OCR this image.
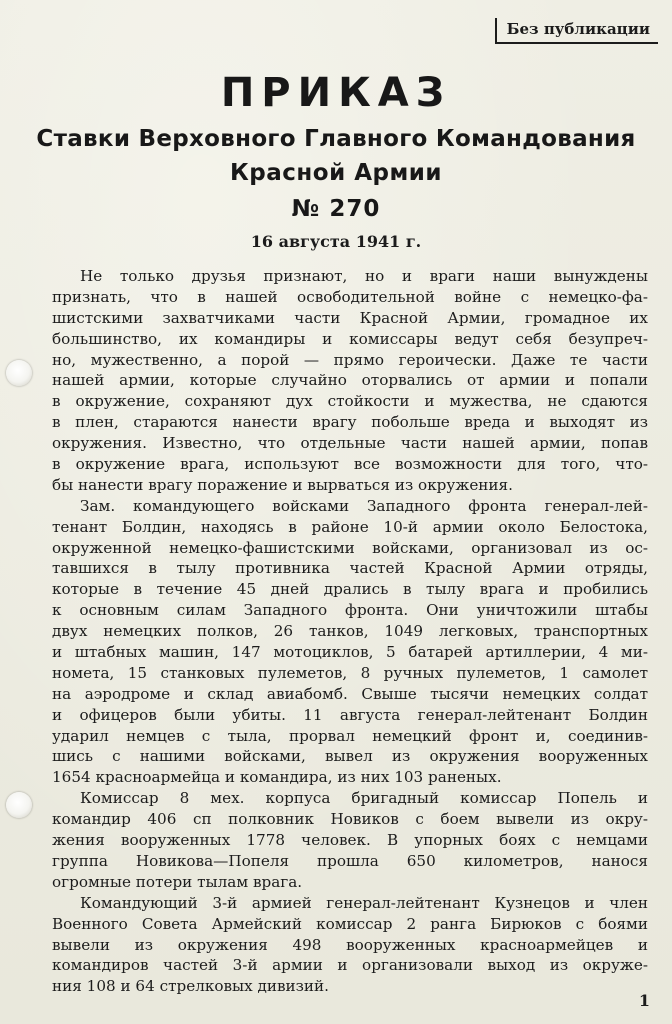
Без публикации
ПРИКАЗ
Ставки Верховного Главного Командования
Красной Армии
№ 270
16 августа 1941 г.
Не только друзья признают, но и враги наши вынуждены
признать, что в нашей освободительной войне с немецко-фа-
шистскими захватчиками части Красной Армии, громадное их
большинство, их командиры и комиссары ведут себя безупреч-
но, мужественно, а порой — прямо героически. Даже те части
нашей армии, которые случайно оторвались от армии и попали
в окружение, сохраняют дух стойкости и мужества, не сдаются
в плен, стараются нанести врагу побольше вреда и выходят из
окружения. Известно, что отдельные части нашей армии, попав
в окружение врага, используют все возможности для того, что-
бы нанести врагу поражение и вырваться из окружения.
Зам. командующего войсками Западного фронта генерал-лей-
тенант Болдин, находясь в районе 10-й армии около Белостока,
окруженной немецко-фашистскими войсками, организовал из ос-
тавшихся в тылу противника частей Красной Армии отряды,
которые в течение 45 дней дрались в тылу врага и пробились
к основным силам Западного фронта. Они уничтожили штабы
двух немецких полков, 26 танков, 1049 легковых, транспортных
и штабных машин, 147 мотоциклов, 5 батарей артиллерии, 4 ми-
номета, 15 станковых пулеметов, 8 ручных пулеметов, 1 самолет
на аэродроме и склад авиабомб. Свыше тысячи немецких солдат
и офицеров были убиты. 11 августа генерал-лейтенант Болдин
ударил немцев с тыла, прорвал немецкий фронт и, соединив-
шись с нашими войсками, вывел из окружения вооруженных
1654 красноармейца и командира, из них 103 раненых.
Комиссар 8 мех. корпуса бригадный комиссар Попель и
командир 406 сп полковник Новиков с боем вывели из окру-
жения вооруженных 1778 человек. В упорных боях с немцами
группа Новикова—Попеля прошла 650 километров, нанося
огромные потери тылам врага.
Командующий 3-й армией генерал-лейтенант Кузнецов и член
Военного Совета Армейский комиссар 2 ранга Бирюков с боями
вывели из окружения 498 вооруженных красноармейцев и
командиров частей 3-й армии и организовали выход из окруже-
ния 108 и 64 стрелковых дивизий.
1
